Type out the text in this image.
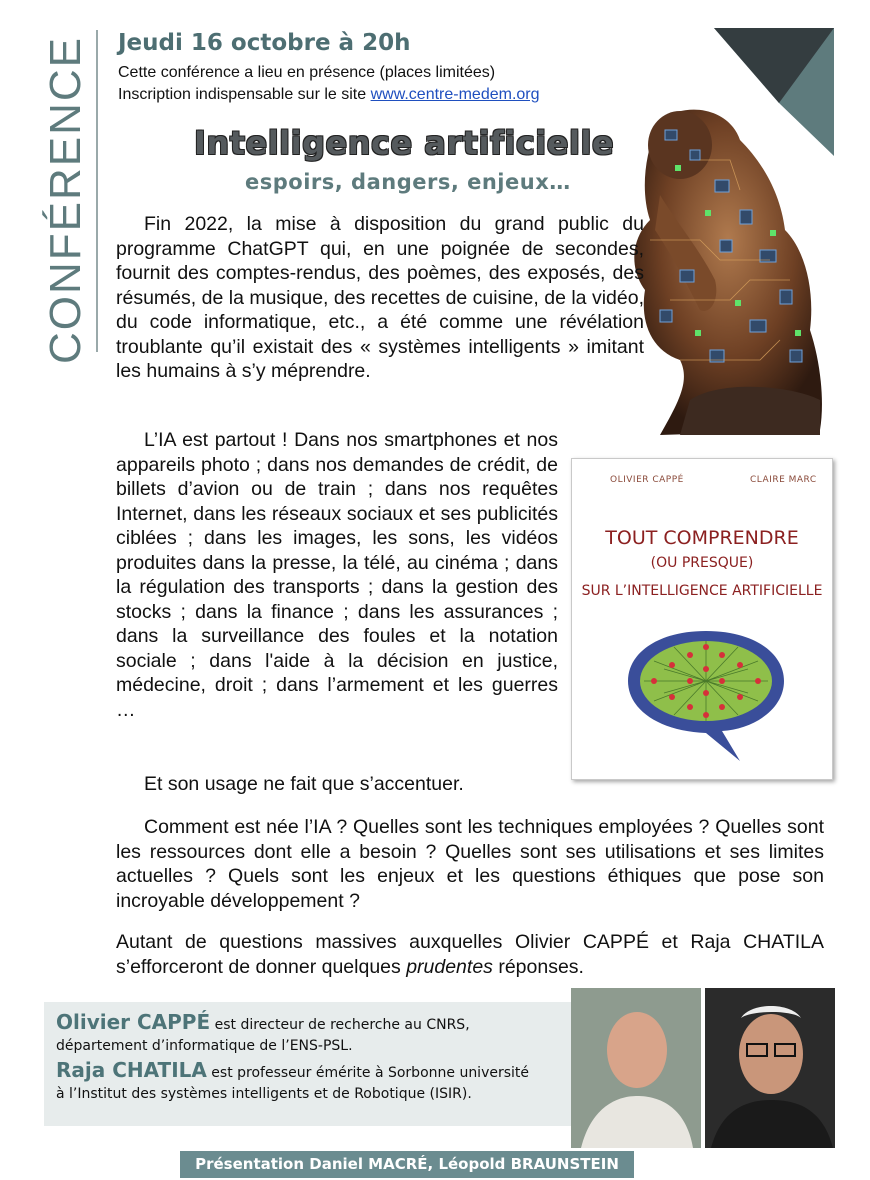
CONFÉRENCE Jeudi 16 octobre à 20h
Cette conférence a lieu en présence (places limitées)
Inscription indispensable sur le site www.centre-medem.org
Intelligence artificielle
espoirs, dangers, enjeux…
Fin 2022, la mise à disposition du grand public du programme ChatGPT qui, en une poignée de secondes, fournit des comptes-rendus, des poèmes, des exposés, des résumés, de la musique, des recettes de cuisine, de la vidéo, du code informatique, etc., a été comme une révélation troublante qu’il existait des « systèmes intelligents » imitant les humains à s’y méprendre.
L’IA est partout ! Dans nos smartphones et nos appareils photo ; dans nos demandes de crédit, de billets d’avion ou de train ; dans nos requêtes Internet, dans les réseaux sociaux et ses publicités ciblées ; dans les images, les sons, les vidéos produites dans la presse, la télé, au cinéma ; dans la régulation des transports ; dans la gestion des stocks ; dans la finance ; dans les assurances ; dans la surveillance des foules et la notation sociale ; dans l'aide à la décision en justice, médecine, droit ; dans l’armement et les guerres …
Et son usage ne fait que s’accentuer.
OLIVIER CAPPÉ	CLAIRE MARC
TOUT COMPRENDRE
(OU PRESQUE)
SUR L’INTELLIGENCE ARTIFICIELLE
Comment est née l’IA ? Quelles sont les techniques employées ? Quelles sont les ressources dont elle a besoin ? Quelles sont ses utilisations et ses limites actuelles ? Quels sont les enjeux et les questions éthiques que pose son incroyable développement ?
Autant de questions massives auxquelles Olivier CAPPÉ et Raja CHATILA s’efforceront de donner quelques prudentes réponses.

Olivier CAPPÉ est directeur de recherche au CNRS,

département d’informatique de l’ENS-PSL.

Raja CHATILA est professeur émérite à Sorbonne université

à l’Institut des systèmes intelligents et de Robotique (ISIR).

Présentation Daniel MACRÉ, Léopold BRAUNSTEIN
